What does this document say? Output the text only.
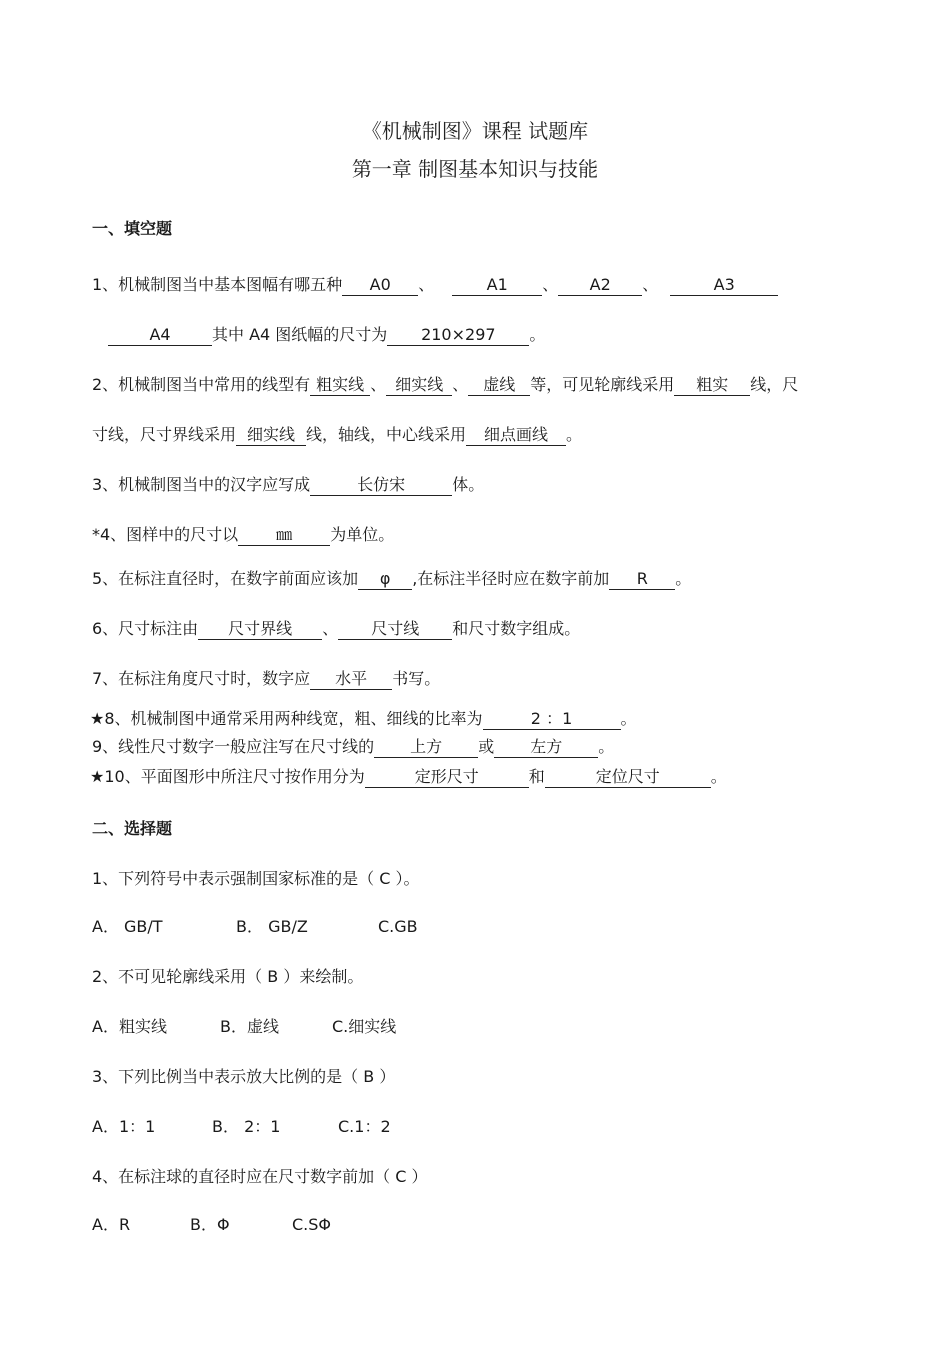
《机械制图》课程 试题库
第一章 制图基本知识与技能
一、填空题
1、机械制图当中基本图幅有哪五种 A0 、	A1 、 A2 、	A3
A4	其中 A4 图纸幅的尺寸为 210×297 。
2、机械制图当中常用的线型有 粗实线 、 细实线 、 虚线 等，可见轮廓线采用 粗实 线，尺
寸线，尺寸界线采用 细实线 线，轴线，中心线采用 细点画线 。
3、机械制图当中的汉字应写成	长仿宋	体。
*4、图样中的尺寸以 ㎜ 为单位。
5、在标注直径时，在数字前面应该加 φ ,在标注半径时应在数字前加 R 。
6、尺寸标注由 尺寸界线 、 尺寸线 和尺寸数字组成。
7、在标注角度尺寸时，数字应 水平 书写。
★8、机械制图中通常采用两种线宽，粗、细线的比率为	2 ：1	。
9、线性尺寸数字一般应注写在尺寸线的 上方 或 左方 。
★10、平面图形中所注尺寸按作用分为	定形尺寸	和	定位尺寸	。
二、选择题
1、下列符号中表示强制国家标准的是（ C ）。
A． GB/T	B． GB/Z	C.GB
2、不可见轮廓线采用（ B ）来绘制。
A．粗实线	B．虚线	C.细实线
3、下列比例当中表示放大比例的是（ B ）
A．1：1	B． 2：1	C.1：2
4、在标注球的直径时应在尺寸数字前加（ C ）
A．R	B．Φ	C.SΦ
